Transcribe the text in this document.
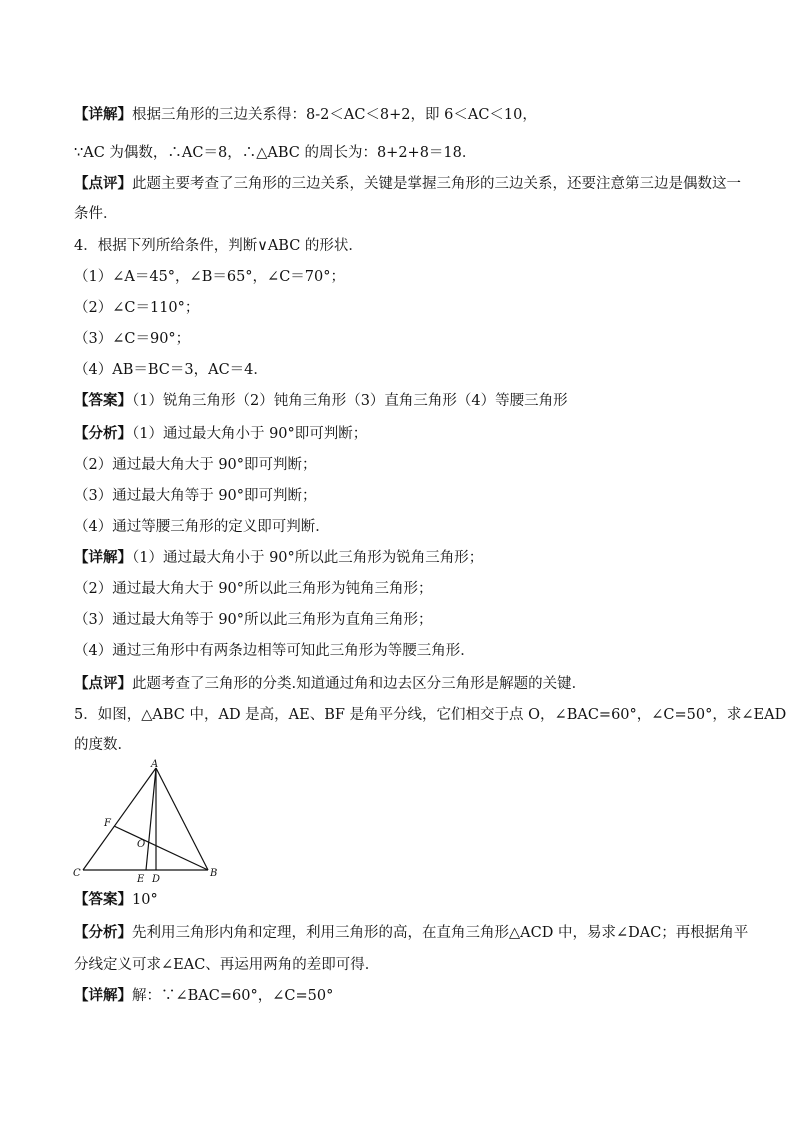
【详解】根据三角形的三边关系得：8-2＜AC＜8+2，即 6＜AC＜10，
∵AC 为偶数，∴AC＝8，∴△ABC 的周长为：8+2+8＝18．
【点评】此题主要考查了三角形的三边关系，关键是掌握三角形的三边关系，还要注意第三边是偶数这一
条件．
4．根据下列所给条件，判断∨ABC 的形状．
（1）∠A＝45°，∠B＝65°，∠C＝70°；
（2）∠C＝110°；
（3）∠C＝90°；
（4）AB＝BC＝3，AC＝4．
【答案】（1）锐角三角形（2）钝角三角形（3）直角三角形（4）等腰三角形
【分析】（1）通过最大角小于 90°即可判断；
（2）通过最大角大于 90°即可判断；
（3）通过最大角等于 90°即可判断；
（4）通过等腰三角形的定义即可判断．
【详解】（1）通过最大角小于 90°所以此三角形为锐角三角形；
（2）通过最大角大于 90°所以此三角形为钝角三角形；
（3）通过最大角等于 90°所以此三角形为直角三角形；
（4）通过三角形中有两条边相等可知此三角形为等腰三角形．
【点评】此题考查了三角形的分类.知道通过角和边去区分三角形是解题的关键．
5．如图，△ABC 中，AD 是高，AE、BF 是角平分线，它们相交于点 O，∠BAC=60°，∠C=50°，求∠EAD
的度数．
A
B
C
D
E
F
O
【答案】10°
【分析】先利用三角形内角和定理，利用三角形的高，在直角三角形△ACD 中，易求∠DAC；再根据角平
分线定义可求∠EAC、再运用两角的差即可得．
【详解】解：∵∠BAC=60°，∠C=50°
